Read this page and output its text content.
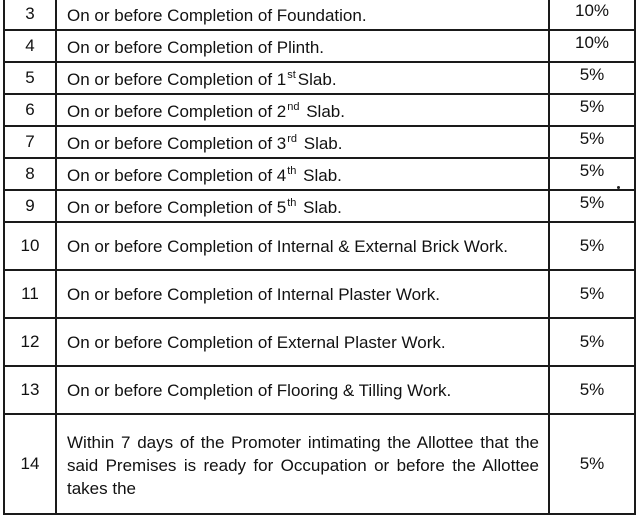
3	On or before Completion of Foundation.	10%
4	On or before Completion of Plinth.	10%
5	On or before Completion of 1st Slab.	5%
6	On or before Completion of 2nd Slab.	5%
7	On or before Completion of 3rd Slab.	5%
8	On or before Completion of 4th Slab.	5%
9	On or before Completion of 5th Slab.	5%
10	On or before Completion of Internal & External Brick Work.	5%
11	On or before Completion of Internal Plaster Work.	5%
12	On or before Completion of External Plaster Work.	5%
13	On or before Completion of Flooring & Tilling Work.	5%
14	Within 7 days of the Promoter intimating the Allottee that the said Premises is ready for Occupation or before the Allottee takes the	5%
